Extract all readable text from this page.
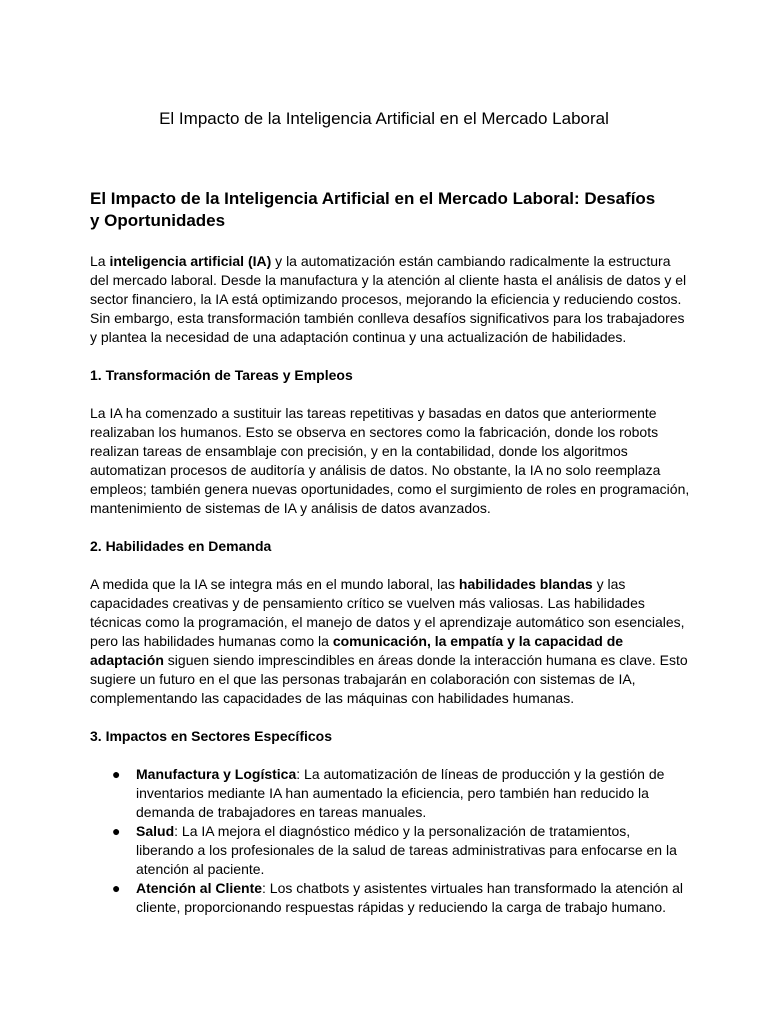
El Impacto de la Inteligencia Artificial en el Mercado Laboral
El Impacto de la Inteligencia Artificial en el Mercado Laboral: Desafíos y Oportunidades

La inteligencia artificial (IA) y la automatización están cambiando radicalmente la estructura del mercado laboral. Desde la manufactura y la atención al cliente hasta el análisis de datos y el sector financiero, la IA está optimizando procesos, mejorando la eficiencia y reduciendo costos. Sin embargo, esta transformación también conlleva desafíos significativos para los trabajadores y plantea la necesidad de una adaptación continua y una actualización de habilidades.

1. Transformación de Tareas y Empleos

La IA ha comenzado a sustituir las tareas repetitivas y basadas en datos que anteriormente realizaban los humanos. Esto se observa en sectores como la fabricación, donde los robots realizan tareas de ensamblaje con precisión, y en la contabilidad, donde los algoritmos automatizan procesos de auditoría y análisis de datos. No obstante, la IA no solo reemplaza empleos; también genera nuevas oportunidades, como el surgimiento de roles en programación, mantenimiento de sistemas de IA y análisis de datos avanzados.

2. Habilidades en Demanda

A medida que la IA se integra más en el mundo laboral, las habilidades blandas y las capacidades creativas y de pensamiento crítico se vuelven más valiosas. Las habilidades técnicas como la programación, el manejo de datos y el aprendizaje automático son esenciales, pero las habilidades humanas como la comunicación, la empatía y la capacidad de adaptación siguen siendo imprescindibles en áreas donde la interacción humana es clave. Esto sugiere un futuro en el que las personas trabajarán en colaboración con sistemas de IA, complementando las capacidades de las máquinas con habilidades humanas.

3. Impactos en Sectores Específicos
● Manufactura y Logística: La automatización de líneas de producción y la gestión de inventarios mediante IA han aumentado la eficiencia, pero también han reducido la demanda de trabajadores en tareas manuales.
● Salud: La IA mejora el diagnóstico médico y la personalización de tratamientos, liberando a los profesionales de la salud de tareas administrativas para enfocarse en la atención al paciente.
● Atención al Cliente: Los chatbots y asistentes virtuales han transformado la atención al cliente, proporcionando respuestas rápidas y reduciendo la carga de trabajo humano.
